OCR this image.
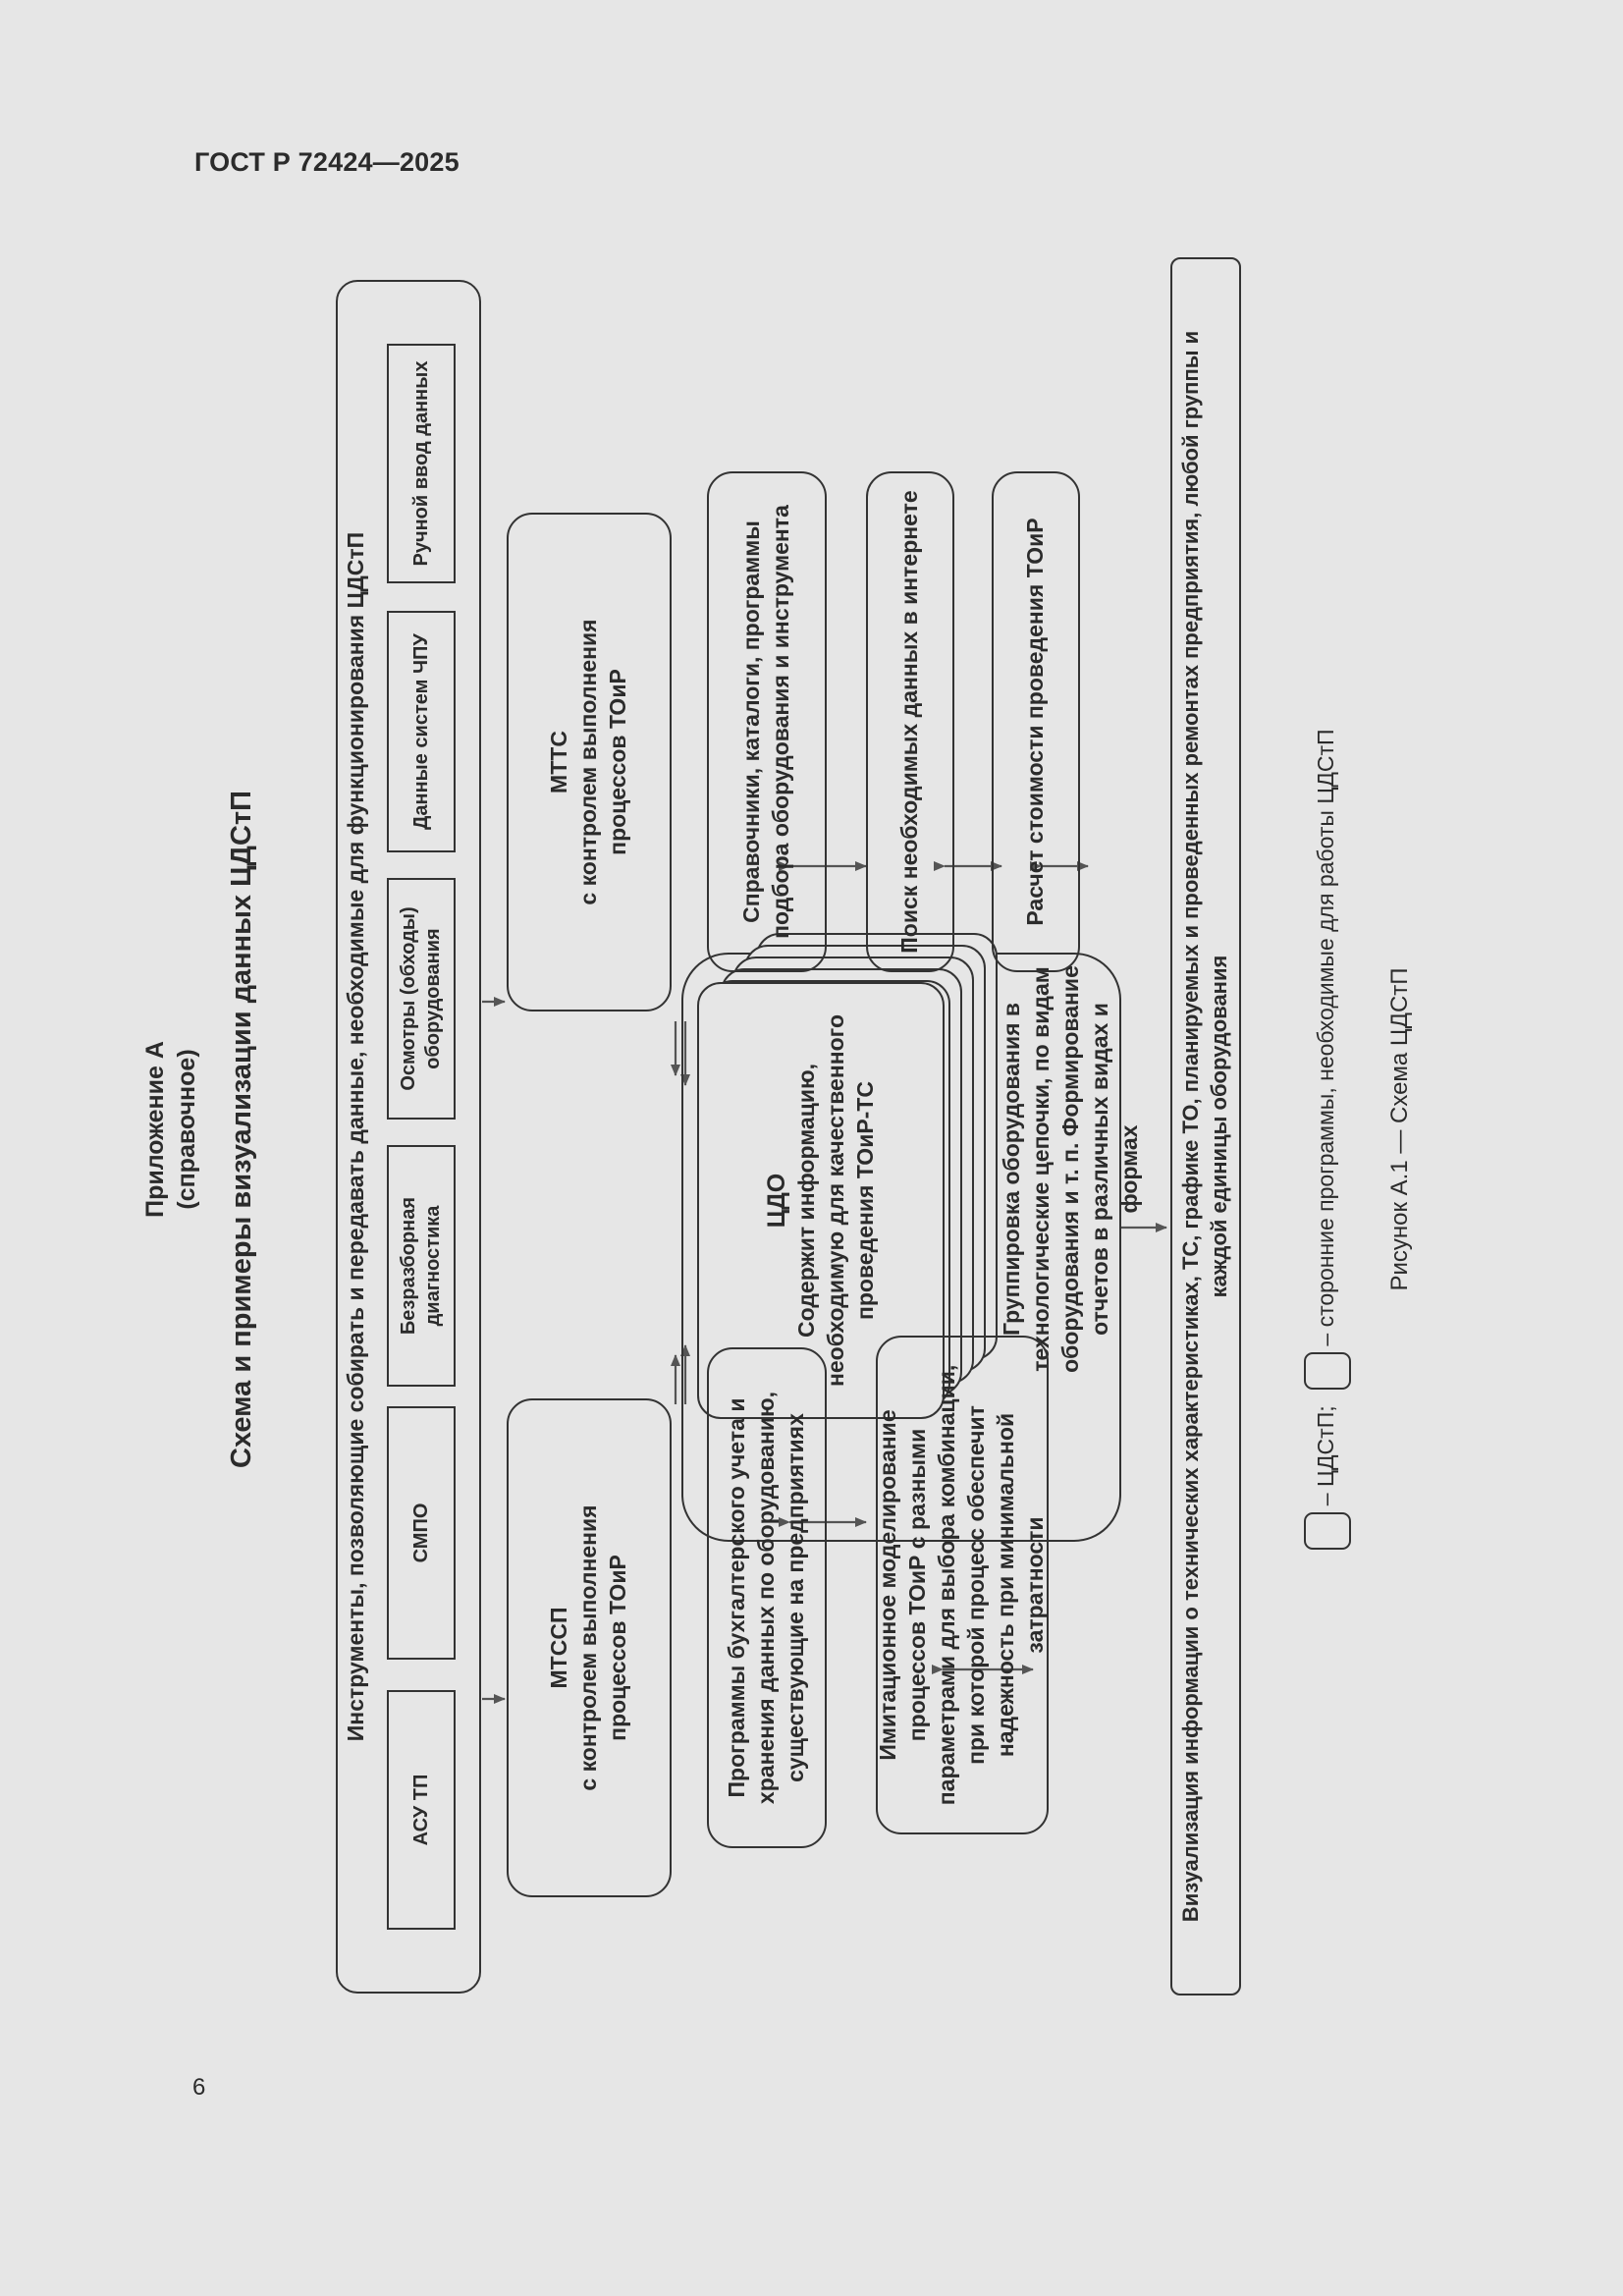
ГОСТ Р 72424—2025
6
Приложение А (справочное) Схема и примеры визуализации данных ЦДСтП	Инструменты, позволяющие собирать и передавать данные, необходимые для функционирования ЦДСтП
АСУ ТП
СМПО
Безразборная диагностика
Осмотры (обходы) оборудования
Данные систем ЧПУ
Ручной ввод данных
МТССП с контролем выполнения процессов ТОиР
МТТС с контролем выполнения процессов ТОиР
ЦДО Содержит информацию, необходимую для качественного проведения ТОиР-ТС	Группировка оборудования в технологические цепочки, по видам оборудования и т. п. Формирование отчетов в различных видах и формах
Программы бухгалтерского учета и хранения данных по оборудованию, существующие на предприятиях	Имитационное моделирование процессов ТОиР с разными параметрами для выбора комбинации, при которой процесс обеспечит надежность при минимальной затратности
Справочники, каталоги, программы подбора оборудования и инструмента	Поиск необходимых данных в интернете	Расчет стоимости проведения ТОиР	Визуализация информации о технических характеристиках, ТС, графике ТО, планируемых и проведенных ремонтах предприятия, любой группы и каждой единицы оборудования
– ЦДСтП;  – сторонние программы, необходимые для работы ЦДСтП	Рисунок А.1 — Схема ЦДСтП
